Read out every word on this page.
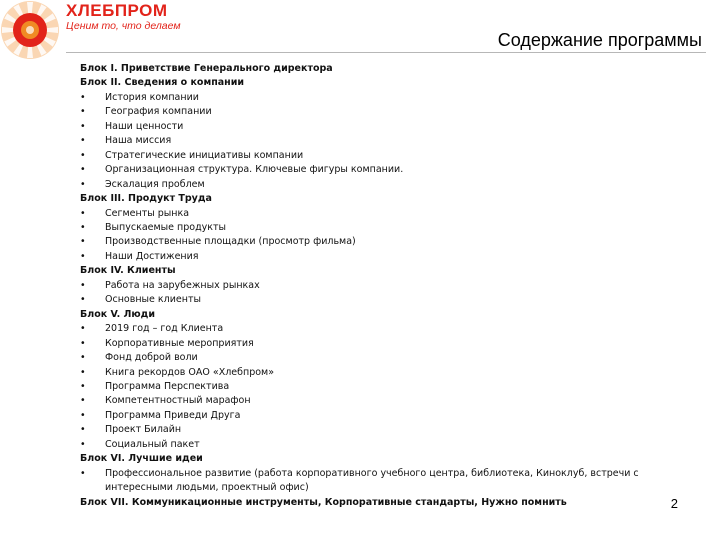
ХЛЕБПРОМ
Ценим то, что делаем
Содержание программы
Блок I. Приветствие Генерального директора
Блок II. Сведения о компании
• История компании
• География компании
• Наши ценности
• Наша миссия
• Стратегические инициативы компании
• Организационная структура. Ключевые фигуры компании.
• Эскалация проблем
Блок III. Продукт Труда
• Сегменты рынка
• Выпускаемые продукты
• Производственные площадки (просмотр фильма)
• Наши Достижения
Блок IV. Клиенты
• Работа на зарубежных рынках
• Основные клиенты
Блок V. Люди
• 2019 год – год Клиента
• Корпоративные мероприятия
• Фонд доброй воли
• Книга рекордов ОАО «Хлебпром»
• Программа Перспектива
• Компетентностный марафон
• Программа Приведи Друга
• Проект Билайн
• Социальный пакет
Блок VI. Лучшие идеи
• Профессиональное развитие (работа корпоративного учебного центра, библиотека, Киноклуб, встречи с интересными людьми, проектный офис)
Блок VII. Коммуникационные инструменты, Корпоративные стандарты, Нужно помнить	2
